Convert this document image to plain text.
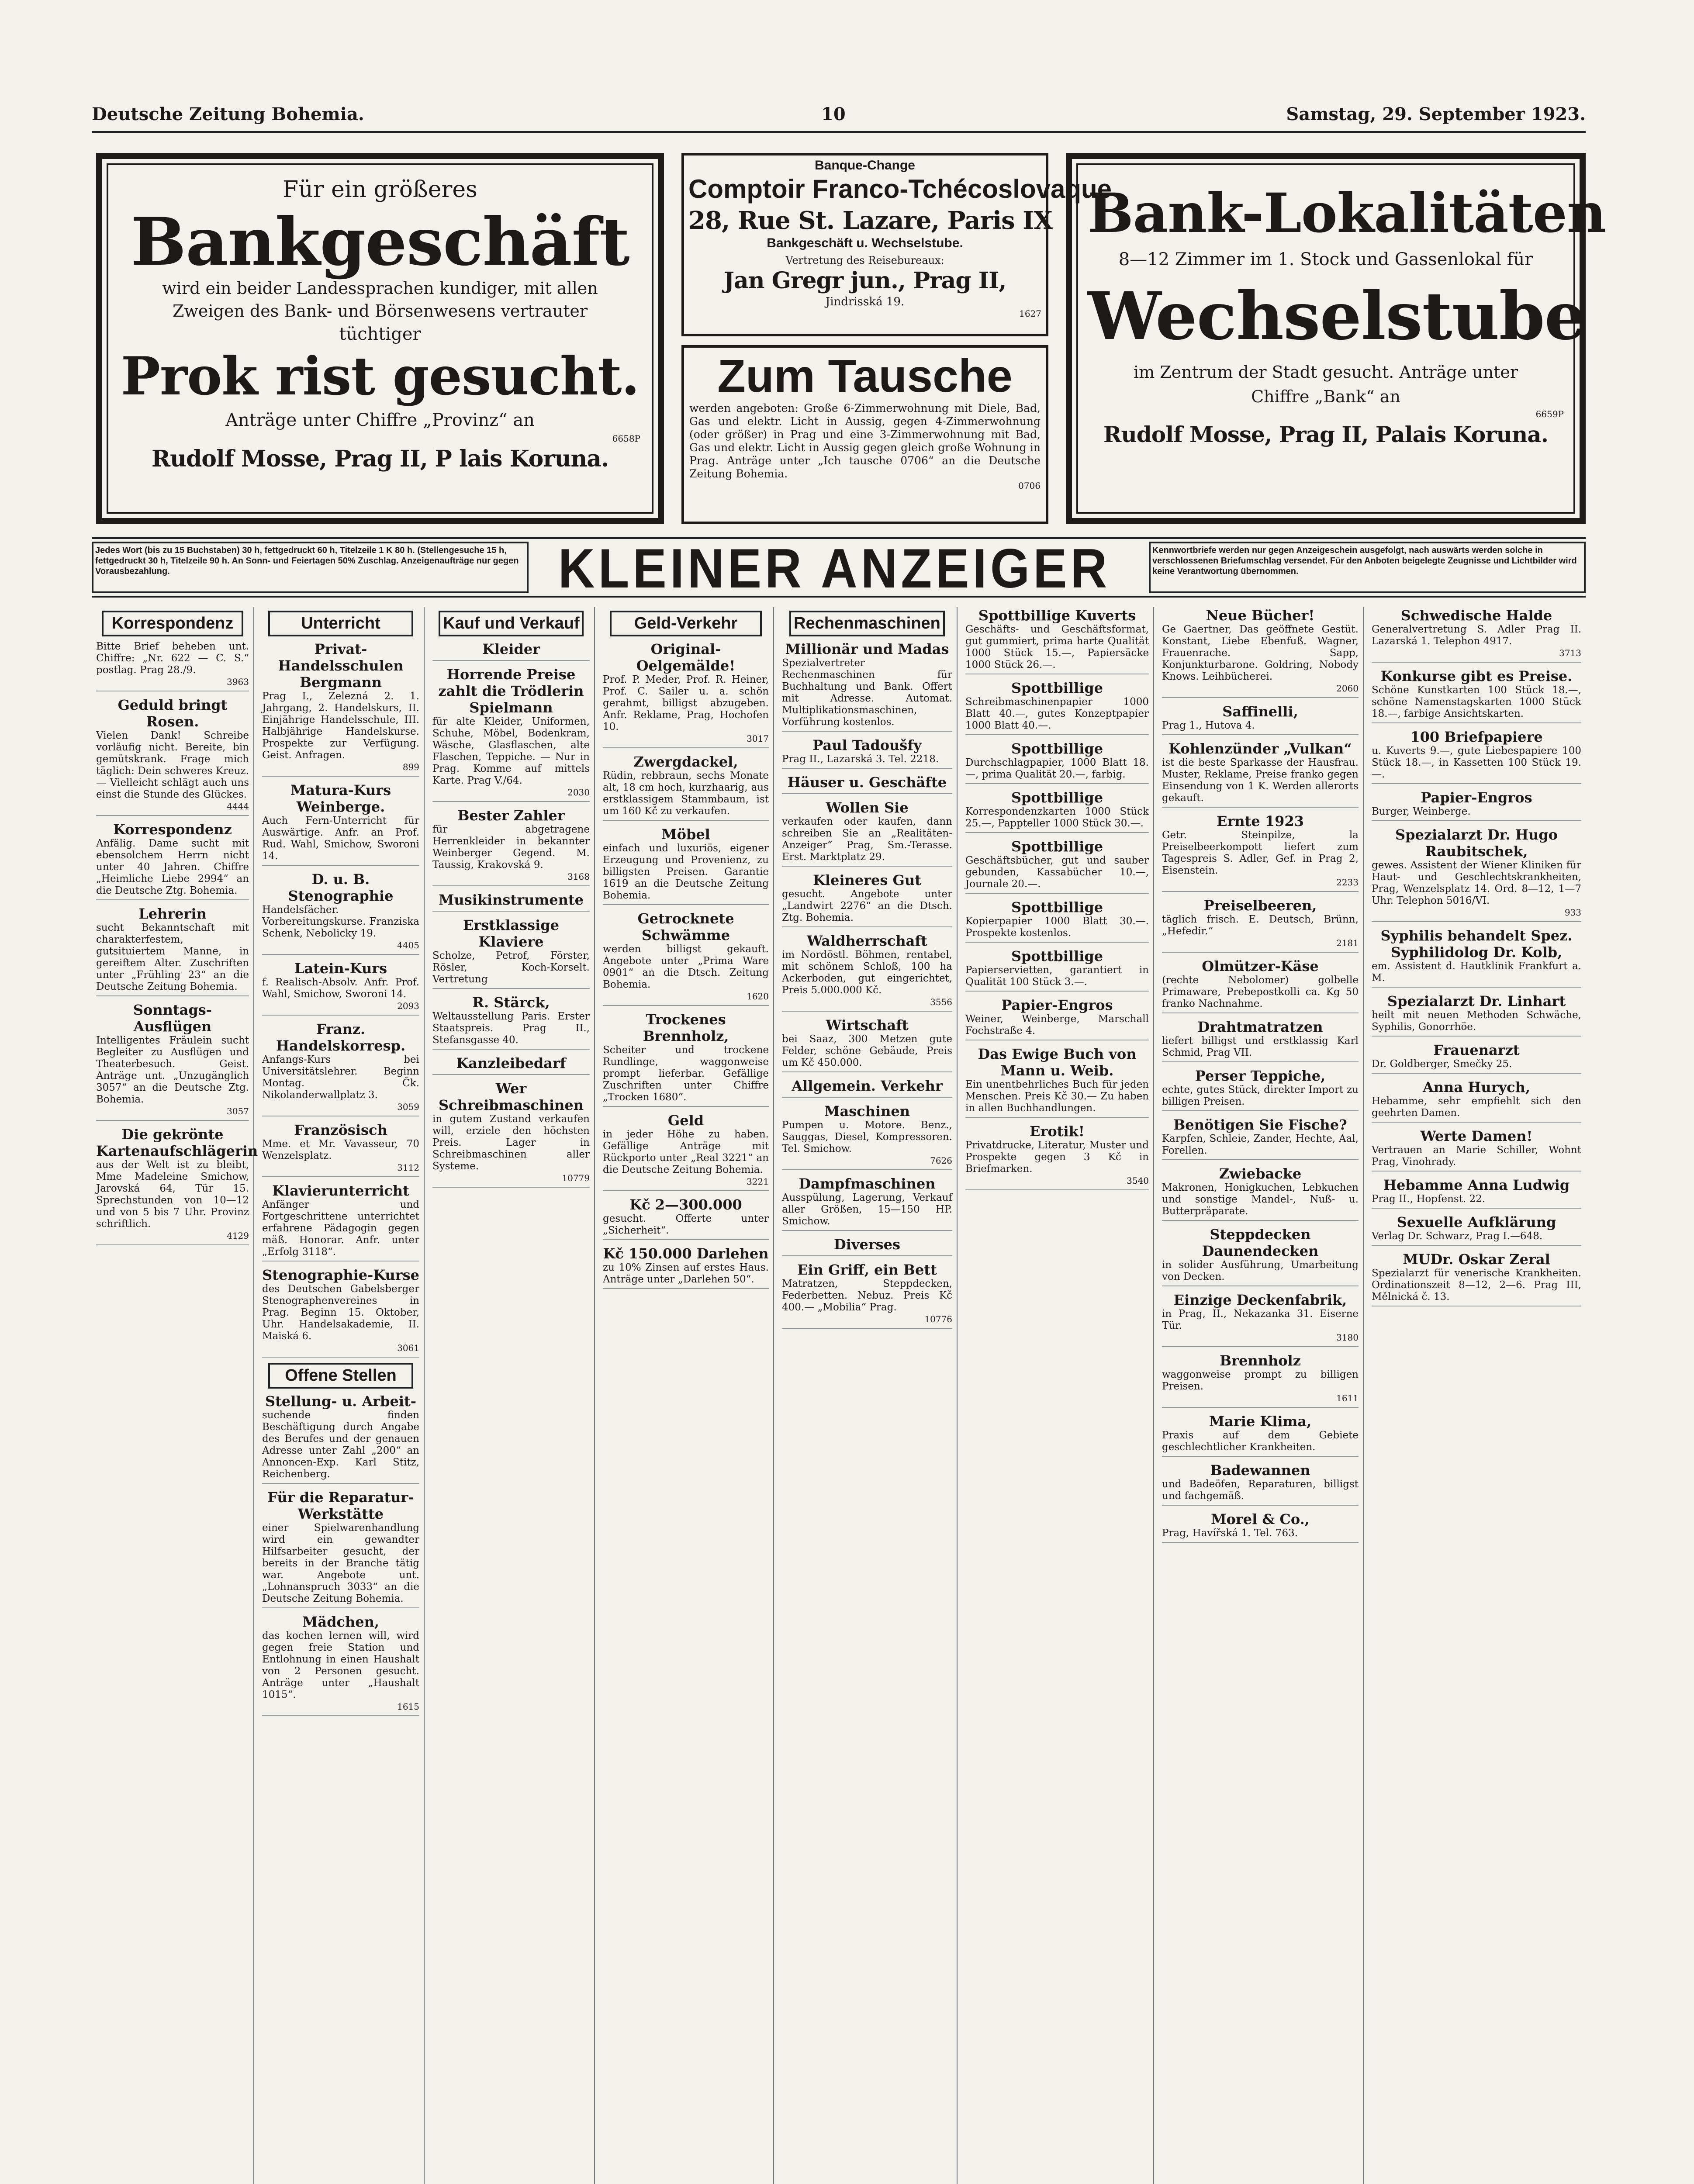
Deutsche Zeitung Bohemia.	10	Samstag, 29. September 1923.
Für ein größeres
Bankgeschäft
wird ein beider Landessprachen kundiger, mit allen
Zweigen des Bank- und Börsenwesens vertrauter
tüchtiger
Prok rist gesucht.
Anträge unter Chiffre „Provinz“ an
6658P
Rudolf Mosse, Prag II, P lais Koruna.
Banque-Change
Comptoir Franco-Tchécoslovaque
28, Rue St. Lazare, Paris IX
Bankgeschäft u. Wechselstube.
Vertretung des Reisebureaux:
Jan Gregr jun., Prag II,
Jindrisská 19.
1627
Zum Tausche
werden angeboten: Große 6-Zimmerwohnung mit Diele, Bad, Gas und elektr. Licht in Aussig, gegen 4-Zimmerwohnung (oder größer) in Prag und eine 3-Zimmerwohnung mit Bad, Gas und elektr. Licht in Aussig gegen gleich große Wohnung in Prag. Anträge unter „Ich tausche 0706“ an die Deutsche Zeitung Bohemia.
0706
Bank-Lokalitäten
8—12 Zimmer im 1. Stock und Gassenlokal für
Wechselstube
im Zentrum der Stadt gesucht. Anträge unter
Chiffre „Bank“ an
6659P
Rudolf Mosse, Prag II, Palais Koruna.
Jedes Wort (bis zu 15 Buchstaben) 30 h, fettgedruckt 60 h, Titelzeile 1 K 80 h. (Stellengesuche 15 h, fettgedruckt 30 h, Titelzeile 90 h. An Sonn- und Feiertagen 50% Zuschlag. Anzeigenaufträge nur gegen Vorausbezahlung.	KLEINER ANZEIGER	Kennwortbriefe werden nur gegen Anzeigeschein ausgefolgt, nach auswärts werden solche in verschlossenen Briefumschlag versendet. Für den Anboten beigelegte Zeugnisse und Lichtbilder wird keine Verantwortung übernommen.
Korrespondenz
Bitte Brief beheben unt. Chiffre: „Nr. 622 — C. S.“ postlag. Prag 28./9.
3963
Geduld bringt Rosen.
Vielen Dank! Schreibe vorläufig nicht. Bereite, bin gemütskrank. Frage mich täglich: Dein schweres Kreuz. — Vielleicht schlägt auch uns einst die Stunde des Glückes.
4444
Korrespondenz
Anfälig. Dame sucht mit ebensolchem Herrn nicht unter 40 Jahren. Chiffre „Heimliche Liebe 2994“ an die Deutsche Ztg. Bohemia.
Lehrerin
sucht Bekanntschaft mit charakterfestem, gutsituiertem Manne, in gereiftem Alter. Zuschriften unter „Frühling 23“ an die Deutsche Zeitung Bohemia.
Sonntags-Ausflügen
Intelligentes Fräulein sucht Begleiter zu Ausflügen und Theaterbesuch. Geist. Anträge unt. „Unzugänglich 3057“ an die Deutsche Ztg. Bohemia.
3057
Die gekrönte Kartenaufschlägerin
aus der Welt ist zu bleibt, Mme Madeleine Smichow, Jarovská 64, Tür 15. Sprechstunden von 10—12 und von 5 bis 7 Uhr. Provinz schriftlich.
4129
Unterricht
Privat-Handelsschulen Bergmann
Prag I., Zelezná 2. 1. Jahrgang, 2. Handelskurs, II. Einjährige Handelsschule, III. Halbjährige Handelskurse. Prospekte zur Verfügung. Geist. Anfragen.
899
Matura-Kurs Weinberge.
Auch Fern-Unterricht für Auswärtige. Anfr. an Prof. Rud. Wahl, Smichow, Sworoni 14.
D. u. B. Stenographie
Handelsfächer. Vorbereitungskurse. Franziska Schenk, Nebolicky 19.
4405
Latein-Kurs
f. Realisch-Absolv. Anfr. Prof. Wahl, Smichow, Sworoni 14.
2093
Franz. Handelskorresp.
Anfangs-Kurs bei Universitätslehrer. Beginn Montag. Čk. Nikolanderwallplatz 3.
3059
Französisch
Mme. et Mr. Vavasseur, 70 Wenzelsplatz.
3112
Klavierunterricht
Anfänger und Fortgeschrittene unterrichtet erfahrene Pädagogin gegen mäß. Honorar. Anfr. unter „Erfolg 3118“.
Stenographie-Kurse
des Deutschen Gabelsberger Stenographenvereines in Prag. Beginn 15. Oktober, Uhr. Handelsakademie, II. Maiská 6.
3061
Offene Stellen
Stellung- u. Arbeit-
suchende finden Beschäftigung durch Angabe des Berufes und der genauen Adresse unter Zahl „200“ an Annoncen-Exp. Karl Stitz, Reichenberg.
Für die Reparatur-Werkstätte
einer Spielwarenhandlung wird ein gewandter Hilfsarbeiter gesucht, der bereits in der Branche tätig war. Angebote unt. „Lohnanspruch 3033“ an die Deutsche Zeitung Bohemia.
Mädchen,
das kochen lernen will, wird gegen freie Station und Entlohnung in einen Haushalt von 2 Personen gesucht. Anträge unter „Haushalt 1015“.
1615
Kauf und Verkauf
Kleider
Horrende Preise zahlt die Trödlerin Spielmann
für alte Kleider, Uniformen, Schuhe, Möbel, Bodenkram, Wäsche, Glasflaschen, alte Flaschen, Teppiche. — Nur in Prag. Komme auf mittels Karte. Prag V./64.
2030
Bester Zahler
für abgetragene Herrenkleider in bekannter Weinberger Gegend. M. Taussig, Krakovská 9.
3168
Musikinstrumente
Erstklassige Klaviere
Scholze, Petrof, Förster, Rösler, Koch-Korselt. Vertretung
R. Stärck,
Weltausstellung Paris. Erster Staatspreis. Prag II., Stefansgasse 40.
Kanzleibedarf
Wer Schreibmaschinen
in gutem Zustand verkaufen will, erziele den höchsten Preis. Lager in Schreibmaschinen aller Systeme.
10779
Geld-Verkehr
Original-Oelgemälde!
Prof. P. Meder, Prof. R. Heiner, Prof. C. Sailer u. a. schön gerahmt, billigst abzugeben. Anfr. Reklame, Prag, Hochofen 10.
3017
Zwergdackel,
Rüdin, rebbraun, sechs Monate alt, 18 cm hoch, kurzhaarig, aus erstklassigem Stammbaum, ist um 160 Kč zu verkaufen.
Möbel
einfach und luxuriös, eigener Erzeugung und Provenienz, zu billigsten Preisen. Garantie 1619 an die Deutsche Zeitung Bohemia.
Getrocknete Schwämme
werden billigst gekauft. Angebote unter „Prima Ware 0901“ an die Dtsch. Zeitung Bohemia.
1620
Trockenes Brennholz,
Scheiter und trockene Rundlinge, waggonweise prompt lieferbar. Gefällige Zuschriften unter Chiffre „Trocken 1680“.
Geld
in jeder Höhe zu haben. Gefällige Anträge mit Rückporto unter „Real 3221“ an die Deutsche Zeitung Bohemia.
3221
Kč 2—300.000
gesucht. Offerte unter „Sicherheit“.
Kč 150.000 Darlehen
zu 10% Zinsen auf erstes Haus. Anträge unter „Darlehen 50“.
Rechenmaschinen
Millionär und Madas
Spezialvertreter Rechenmaschinen für Buchhaltung und Bank. Offert mit Adresse. Automat. Multiplikationsmaschinen, Vorführung kostenlos.
Paul Tadoušfy
Prag II., Lazarská 3. Tel. 2218.
Häuser u. Geschäfte
Wollen Sie
verkaufen oder kaufen, dann schreiben Sie an „Realitäten-Anzeiger“ Prag, Sm.-Terasse. Erst. Marktplatz 29.
Kleineres Gut
gesucht. Angebote unter „Landwirt 2276“ an die Dtsch. Ztg. Bohemia.
Waldherrschaft
im Nordöstl. Böhmen, rentabel, mit schönem Schloß, 100 ha Ackerboden, gut eingerichtet, Preis 5.000.000 Kč.
3556
Wirtschaft
bei Saaz, 300 Metzen gute Felder, schöne Gebäude, Preis um Kč 450.000.
Allgemein. Verkehr
Maschinen
Pumpen u. Motore. Benz., Sauggas, Diesel, Kompressoren. Tel. Smichow.
7626
Dampfmaschinen
Ausspülung, Lagerung, Verkauf aller Größen, 15—150 HP. Smichow.
Diverses
Ein Griff, ein Bett
Matratzen, Steppdecken, Federbetten. Nebuz. Preis Kč 400.— „Mobilia“ Prag.
10776
Spottbillige Kuverts
Geschäfts- und Geschäftsformat, gut gummiert, prima harte Qualität 1000 Stück 15.—, Papiersäcke 1000 Stück 26.—.
Spottbillige
Schreibmaschinenpapier 1000 Blatt 40.—, gutes Konzeptpapier 1000 Blatt 40.—.
Spottbillige
Durchschlagpapier, 1000 Blatt 18.—, prima Qualität 20.—, farbig.
Spottbillige
Korrespondenzkarten 1000 Stück 25.—, Pappteller 1000 Stück 30.—.
Spottbillige
Geschäftsbücher, gut und sauber gebunden, Kassabücher 10.—, Journale 20.—.
Spottbillige
Kopierpapier 1000 Blatt 30.—. Prospekte kostenlos.
Spottbillige
Papierservietten, garantiert in Qualität 100 Stück 3.—.
Papier-Engros
Weiner, Weinberge, Marschall Fochstraße 4.
Das Ewige Buch von Mann u. Weib.
Ein unentbehrliches Buch für jeden Menschen. Preis Kč 30.— Zu haben in allen Buchhandlungen.
Erotik!
Privatdrucke, Literatur, Muster und Prospekte gegen 3 Kč in Briefmarken.
3540
Neue Bücher!
Ge Gaertner, Das geöffnete Gestüt. Konstant, Liebe Ebenfuß. Wagner, Frauenrache. Sapp, Konjunkturbarone. Goldring, Nobody Knows. Leihbücherei.
2060
Saffinelli,
Prag 1., Hutova 4.
Kohlenzünder „Vulkan“
ist die beste Sparkasse der Hausfrau. Muster, Reklame, Preise franko gegen Einsendung von 1 K. Werden allerorts gekauft.
Ernte 1923
Getr. Steinpilze, la Preiselbeerkompott liefert zum Tagespreis S. Adler, Gef. in Prag 2, Eisenstein.
2233
Preiselbeeren,
täglich frisch. E. Deutsch, Brünn, „Hefedir.“
2181
Olmützer-Käse
(rechte Nebolomer) golbelle Primaware, Prebepostkolli ca. Kg 50 franko Nachnahme.
Drahtmatratzen
liefert billigst und erstklassig Karl Schmid, Prag VII.
Perser Teppiche,
echte, gutes Stück, direkter Import zu billigen Preisen.
Benötigen Sie Fische?
Karpfen, Schleie, Zander, Hechte, Aal, Forellen.
Zwiebacke
Makronen, Honigkuchen, Lebkuchen und sonstige Mandel-, Nuß- u. Butterpräparate.
Steppdecken Daunendecken
in solider Ausführung, Umarbeitung von Decken.
Einzige Deckenfabrik,
in Prag, II., Nekazanka 31. Eiserne Tür.
3180
Brennholz
waggonweise prompt zu billigen Preisen.
1611
Marie Klima,
Praxis auf dem Gebiete geschlechtlicher Krankheiten.
Badewannen
und Badeöfen, Reparaturen, billigst und fachgemäß.
Morel & Co.,
Prag, Havířská 1. Tel. 763.
Schwedische Halde
Generalvertretung S. Adler Prag II. Lazarská 1. Telephon 4917.
3713
Konkurse gibt es Preise.
Schöne Kunstkarten 100 Stück 18.—, schöne Namenstagskarten 1000 Stück 18.—, farbige Ansichtskarten.
100 Briefpapiere
u. Kuverts 9.—, gute Liebespapiere 100 Stück 18.—, in Kassetten 100 Stück 19.—.
Papier-Engros
Burger, Weinberge.
Spezialarzt Dr. Hugo Raubitschek,
gewes. Assistent der Wiener Kliniken für Haut- und Geschlechtskrankheiten, Prag, Wenzelsplatz 14. Ord. 8—12, 1—7 Uhr. Telephon 5016/VI.
933
Syphilis behandelt Spez. Syphilidolog Dr. Kolb,
em. Assistent d. Hautklinik Frankfurt a. M.
Spezialarzt Dr. Linhart
heilt mit neuen Methoden Schwäche, Syphilis, Gonorrhöe.
Frauenarzt
Dr. Goldberger, Smečky 25.
Anna Hurych,
Hebamme, sehr empfiehlt sich den geehrten Damen.
Werte Damen!
Vertrauen an Marie Schiller, Wohnt Prag, Vinohrady.
Hebamme Anna Ludwig
Prag II., Hopfenst. 22.
Sexuelle Aufklärung
Verlag Dr. Schwarz, Prag I.—648.
MUDr. Oskar Zeral
Spezialarzt für venerische Krankheiten. Ordinationszeit 8—12, 2—6. Prag III, Mělnická č. 13.
